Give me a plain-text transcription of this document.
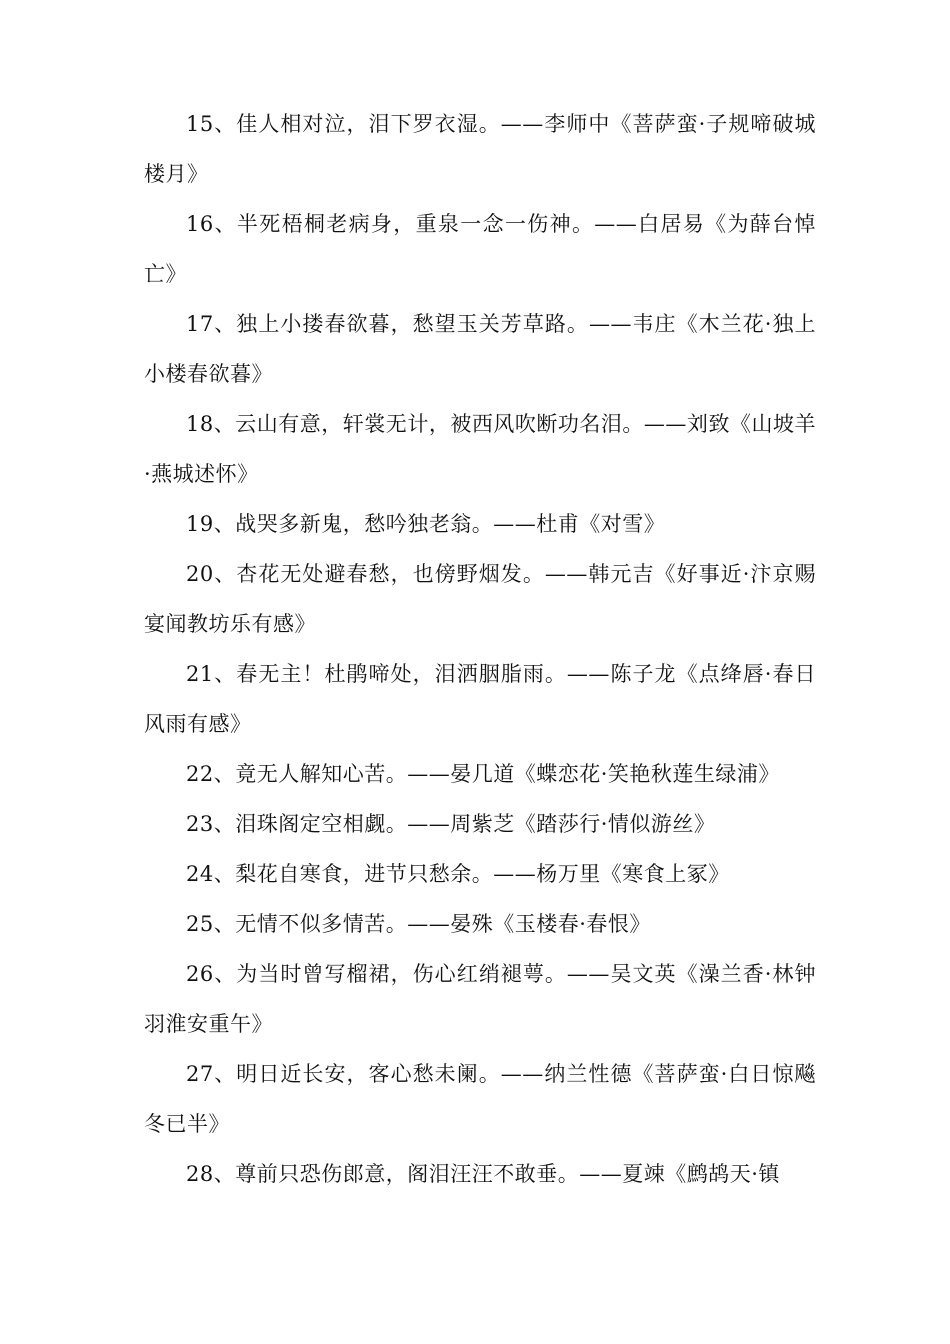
15、佳人相对泣，泪下罗衣湿。——李师中《菩萨蛮·子规啼破城楼月》

16、半死梧桐老病身，重泉一念一伤神。——白居易《为薛台悼亡》

17、独上小搂春欲暮，愁望玉关芳草路。——韦庄《木兰花·独上小楼春欲暮》

18、云山有意，轩裳无计，被西风吹断功名泪。——刘致《山坡羊·燕城述怀》

19、战哭多新鬼，愁吟独老翁。——杜甫《对雪》

20、杏花无处避春愁，也傍野烟发。——韩元吉《好事近·汴京赐宴闻教坊乐有感》

21、春无主！杜鹃啼处，泪洒胭脂雨。——陈子龙《点绛唇·春日风雨有感》

22、竟无人解知心苦。——晏几道《蝶恋花·笑艳秋莲生绿浦》

23、泪珠阁定空相觑。——周紫芝《踏莎行·情似游丝》

24、梨花自寒食，进节只愁余。——杨万里《寒食上冢》

25、无情不似多情苦。——晏殊《玉楼春·春恨》

26、为当时曾写榴裙，伤心红绡褪萼。——吴文英《澡兰香·林钟羽淮安重午》

27、明日近长安，客心愁未阑。——纳兰性德《菩萨蛮·白日惊飚冬已半》

28、尊前只恐伤郎意，阁泪汪汪不敢垂。——夏竦《鹧鸪天·镇
